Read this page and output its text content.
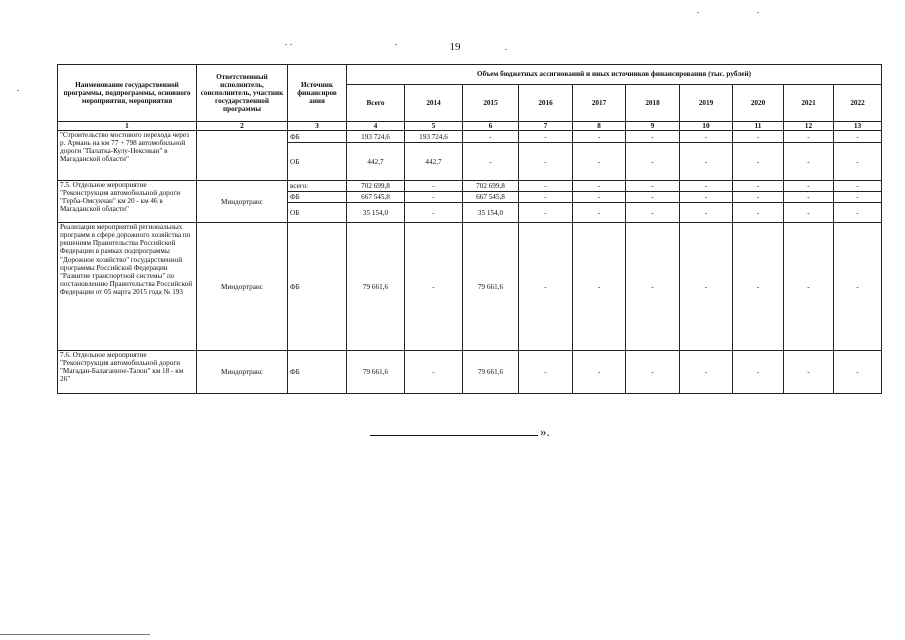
19
Наименование государственной программы, подпрограммы, основного мероприятия, мероприятия	Ответственный исполнитель, соисполнитель, участник государственной программы	Источник финансиров ания	Объем бюджетных ассигнований и иных источников финансирования (тыс. рублей)									
			Всего	2014	2015	2016	2017	2018	2019	2020	2021	2022
1	2	3	4	5	6	7	8	9	10	11	12	13
"Строительство мостового перехода через р. Армань на км 77 + 798 автомобильной дороги "Палатка-Кулу-Нексикан" в Магаданской области"		ФБ	193 724,6	193 724,6	-	-	-	-	-	-	-	-
		ОБ	442,7	442,7	-	-	-	-	-	-	-	-
7.5. Отдельное мероприятие "Реконструкция автомобильной дороги "Герба-Омсукчан" км 20 - км 46 в Магаданской области"	Миндортранс	всего:	702 699,8	-	702 699,8	-	-	-	-	-	-	-
		ФБ	667 545,8	-	667 545,8	-	-	-	-	-	-	-
		ОБ	35 154,0	-	35 154,0	-	-	-	-	-	-	-
Реализация мероприятий региональных программ в сфере дорожного хозяйства по решениям Правительства Российской Федерации в рамках подпрограммы "Дорожное хозяйство" государственной программы Российской Федерации "Развитие транспортной системы" по постановлению Правительства Российской Федерации от 05 марта 2015 года № 193	Миндортранс	ФБ	79 661,6	-	79 661,6	-	-	-	-	-	-	-
7.6. Отдельное мероприятие "Реконструкция автомобильной дороги "Магадан-Балаганное-Талон" км 18 - км 26"	Миндортранс	ФБ	79 661,6	-	79 661,6	-	-	-	-	-	-	-
».
